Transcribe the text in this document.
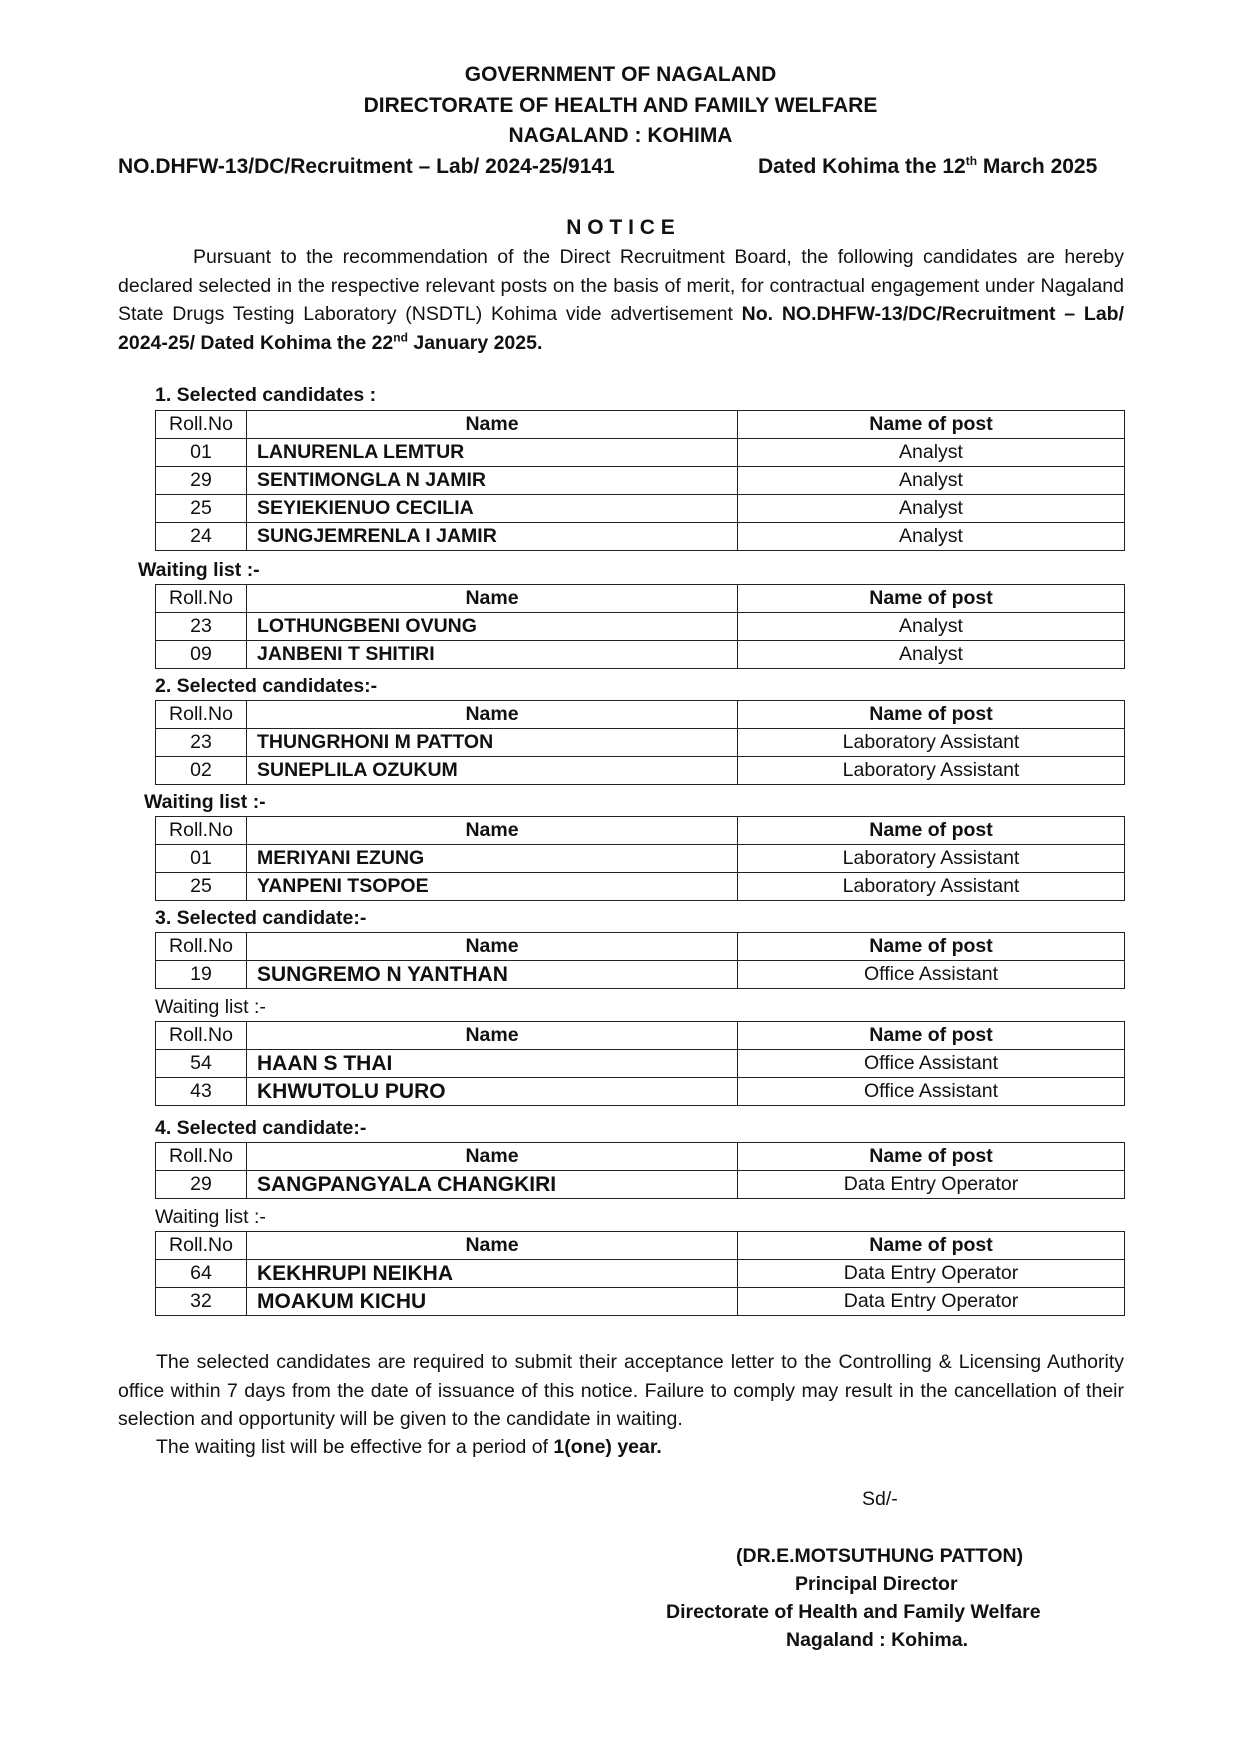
GOVERNMENT OF NAGALAND
DIRECTORATE OF HEALTH AND FAMILY WELFARE
NAGALAND : KOHIMA
NO.DHFW-13/DC/Recruitment – Lab/ 2024-25/9141	Dated Kohima the 12th March 2025
N O T I C E
Pursuant to the recommendation of the Direct Recruitment Board, the following candidates are hereby declared selected in the respective relevant posts on the basis of merit, for contractual engagement under Nagaland State Drugs Testing Laboratory (NSDTL) Kohima vide advertisement No. NO.DHFW-13/DC/Recruitment – Lab/ 2024-25/ Dated Kohima the 22nd January 2025.
1. Selected candidates :
Roll.No	Name	Name of post
01	LANURENLA LEMTUR	Analyst
29	SENTIMONGLA N JAMIR	Analyst
25	SEYIEKIENUO CECILIA	Analyst
24	SUNGJEMRENLA I JAMIR	Analyst
Waiting list :-
Roll.No	Name	Name of post
23	LOTHUNGBENI OVUNG	Analyst
09	JANBENI T SHITIRI	Analyst
2. Selected candidates:-
Roll.No	Name	Name of post
23	THUNGRHONI M PATTON	Laboratory Assistant
02	SUNEPLILA OZUKUM	Laboratory Assistant
Waiting list :-
Roll.No	Name	Name of post
01	MERIYANI EZUNG	Laboratory Assistant
25	YANPENI TSOPOE	Laboratory Assistant
3. Selected candidate:-
Roll.No	Name	Name of post
19	SUNGREMO N YANTHAN	Office Assistant
Waiting list :-
Roll.No	Name	Name of post
54	HAAN S THAI	Office Assistant
43	KHWUTOLU PURO	Office Assistant
4. Selected candidate:-
Roll.No	Name	Name of post
29	SANGPANGYALA CHANGKIRI	Data Entry Operator
Waiting list :-
Roll.No	Name	Name of post
64	KEKHRUPI NEIKHA	Data Entry Operator
32	MOAKUM KICHU	Data Entry Operator
The selected candidates are required to submit their acceptance letter to the Controlling & Licensing Authority office within 7 days from the date of issuance of this notice. Failure to comply may result in the cancellation of their selection and opportunity will be given to the candidate in waiting.
The waiting list will be effective for a period of 1(one) year.
Sd/-
(DR.E.MOTSUTHUNG PATTON)
Principal Director
Directorate of Health and Family Welfare
Nagaland : Kohima.
